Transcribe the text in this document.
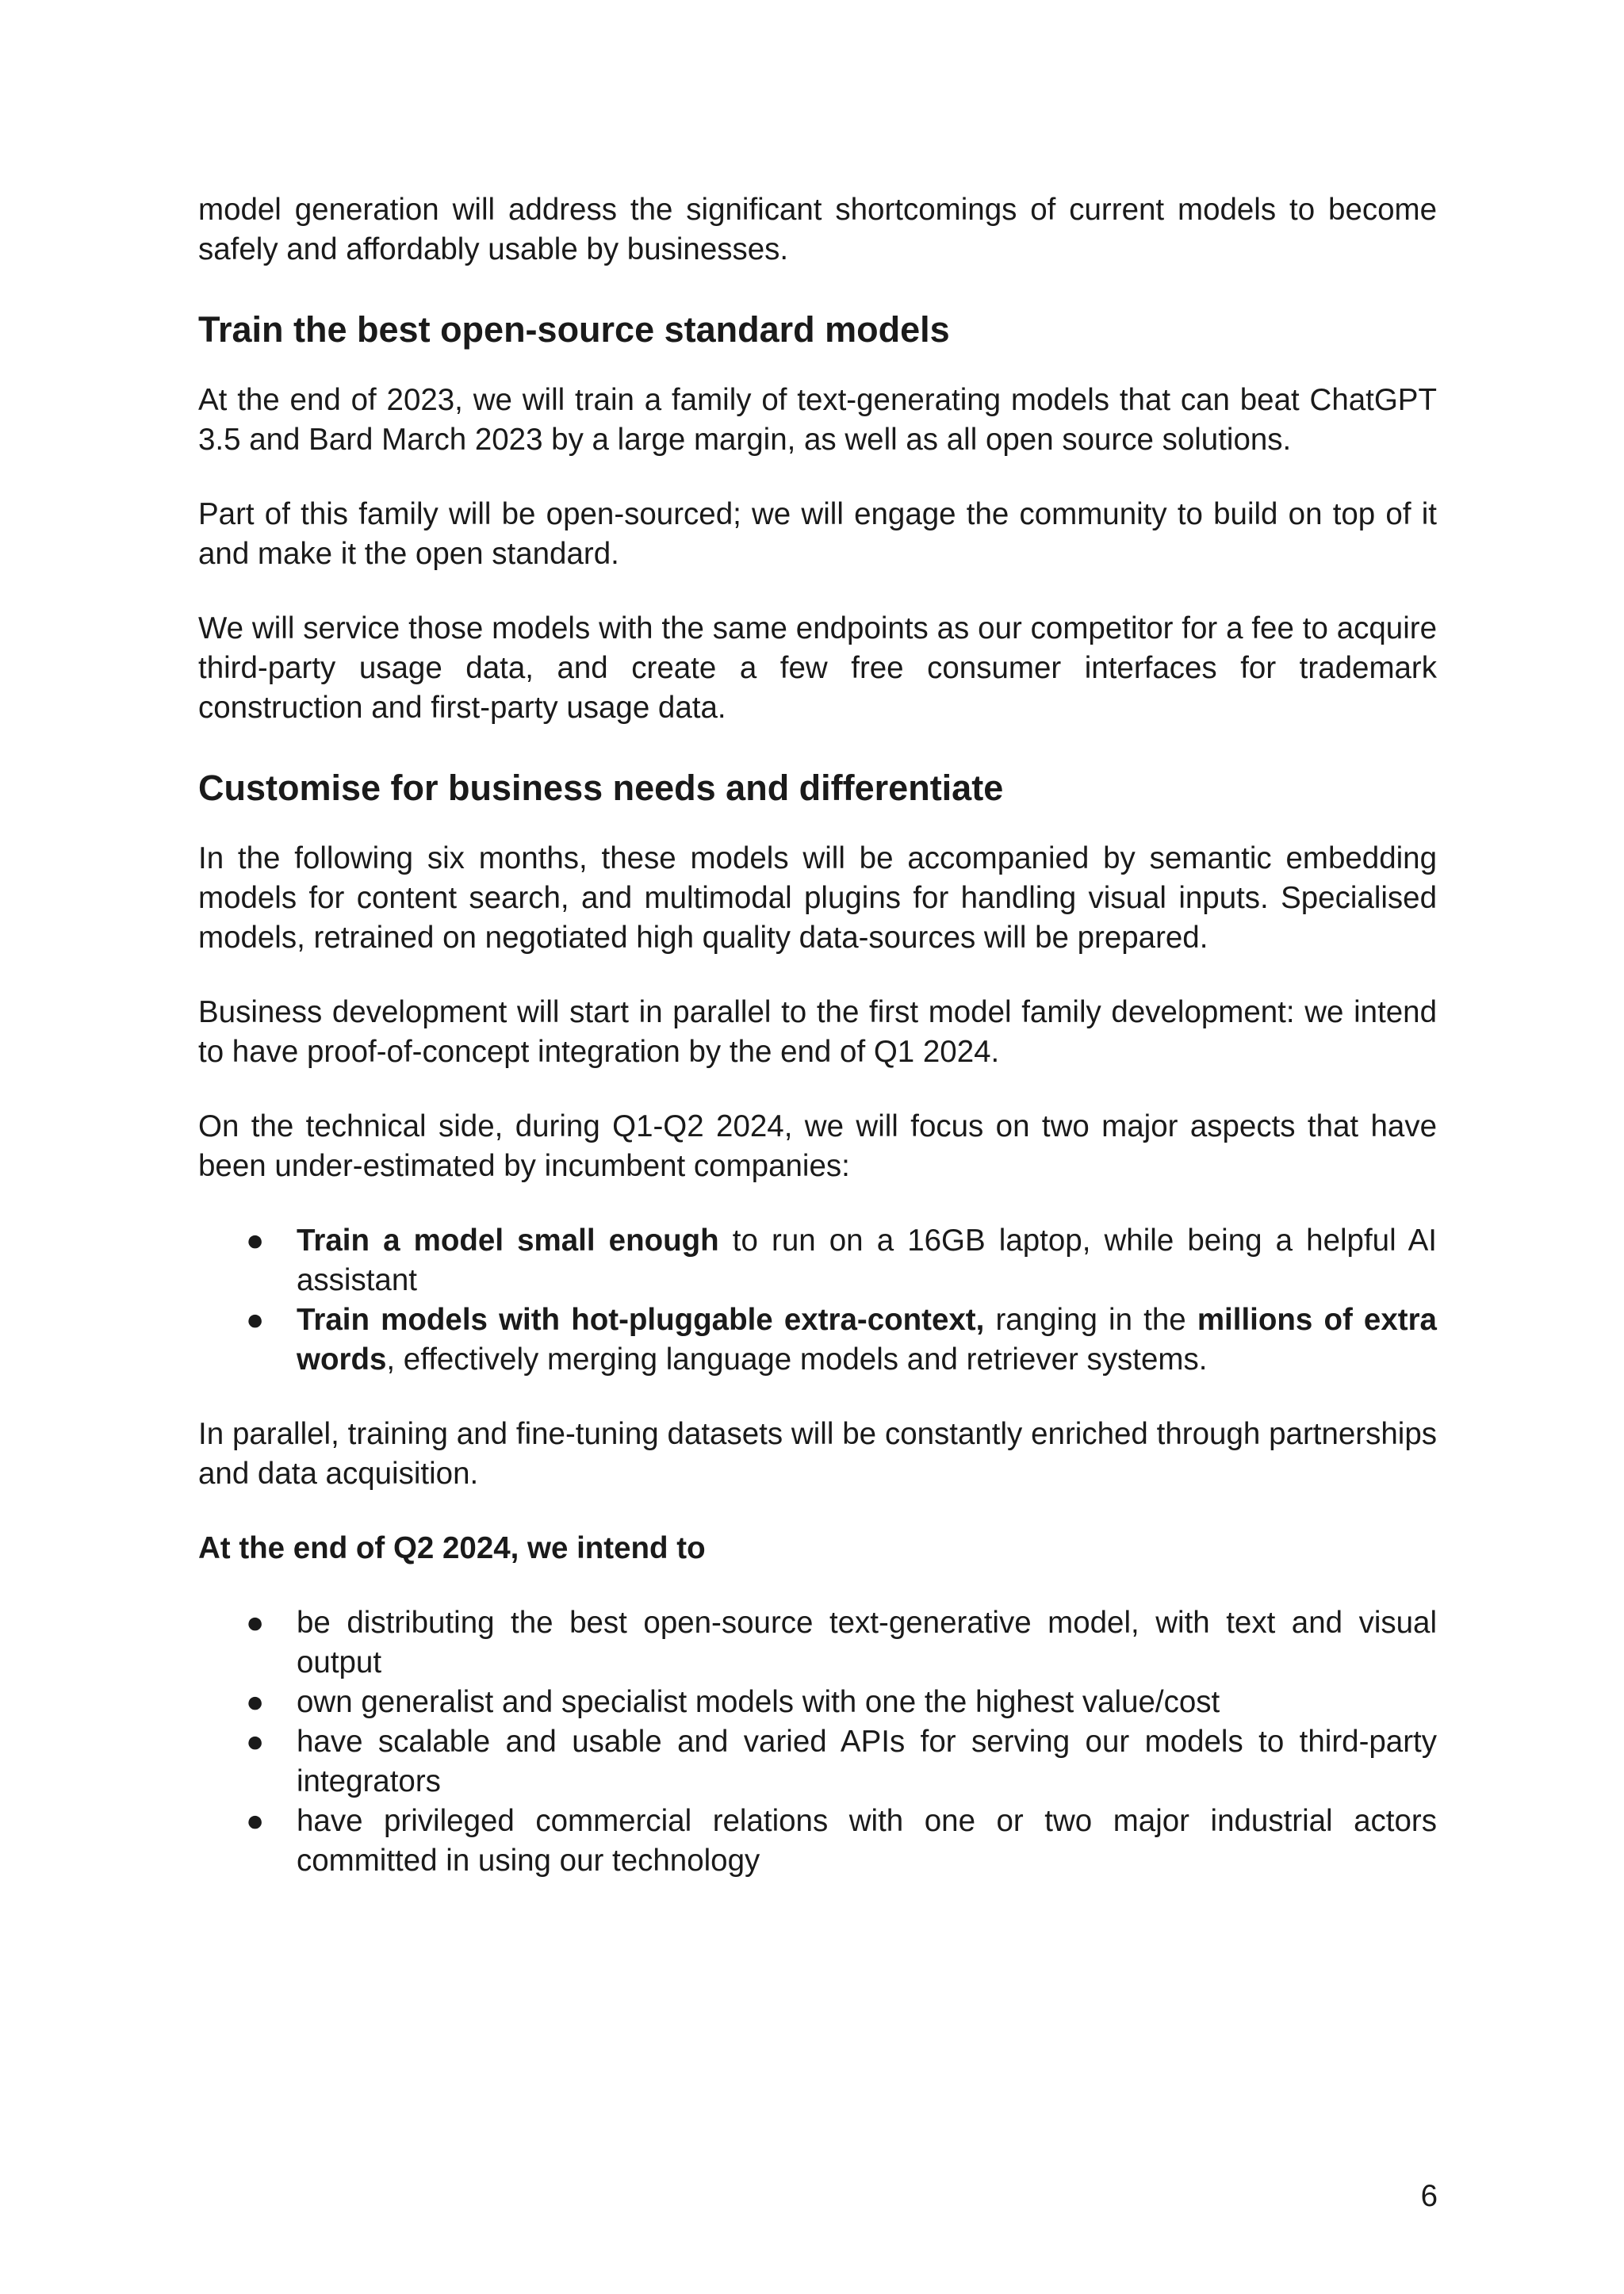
model generation will address the significant shortcomings of current models to become safely and affordably usable by businesses.

Train the best open-source standard models

At the end of 2023, we will train a family of text-generating models that can beat ChatGPT 3.5 and Bard March 2023 by a large margin, as well as all open source solutions.

Part of this family will be open-sourced; we will engage the community to build on top of it and make it the open standard.

We will service those models with the same endpoints as our competitor for a fee to acquire third-party usage data, and create a few free consumer interfaces for trademark construction and first-party usage data.

Customise for business needs and differentiate

In the following six months, these models will be accompanied by semantic embedding models for content search, and multimodal plugins for handling visual inputs. Specialised models, retrained on negotiated high quality data-sources will be prepared.

Business development will start in parallel to the first model family development: we intend to have proof-of-concept integration by the end of Q1 2024.

On the technical side, during Q1-Q2 2024, we will focus on two major aspects that have been under-estimated by incumbent companies:

● Train a model small enough to run on a 16GB laptop, while being a helpful AI assistant
● Train models with hot-pluggable extra-context, ranging in the millions of extra words, effectively merging language models and retriever systems.

In parallel, training and fine-tuning datasets will be constantly enriched through partnerships and data acquisition.

At the end of Q2 2024, we intend to

● be distributing the best open-source text-generative model, with text and visual output
● own generalist and specialist models with one the highest value/cost
● have scalable and usable and varied APIs for serving our models to third-party integrators
● have privileged commercial relations with one or two major industrial actors committed in using our technology
6
